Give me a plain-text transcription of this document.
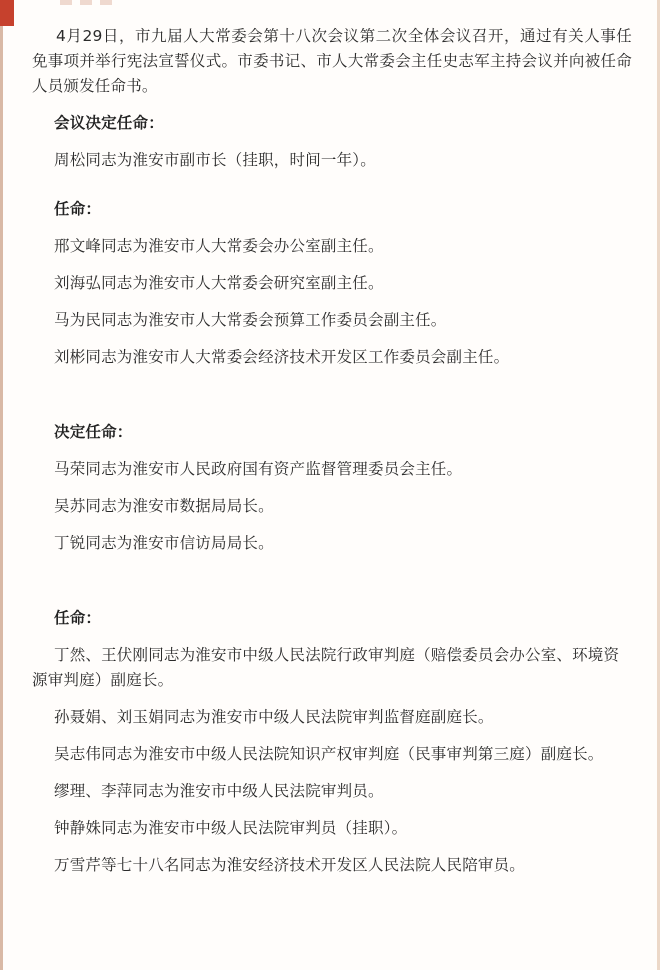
4月29日，市九届人大常委会第十八次会议第二次全体会议召开，通过有关人事任免事项并举行宪法宣誓仪式。市委书记、市人大常委会主任史志军主持会议并向被任命人员颁发任命书。

会议决定任命：

周松同志为淮安市副市长（挂职，时间一年）。

任命：

邢文峰同志为淮安市人大常委会办公室副主任。

刘海弘同志为淮安市人大常委会研究室副主任。

马为民同志为淮安市人大常委会预算工作委员会副主任。

刘彬同志为淮安市人大常委会经济技术开发区工作委员会副主任。

决定任命：

马荣同志为淮安市人民政府国有资产监督管理委员会主任。

吴苏同志为淮安市数据局局长。

丁锐同志为淮安市信访局局长。

任命：

丁然、王伏刚同志为淮安市中级人民法院行政审判庭（赔偿委员会办公室、环境资源审判庭）副庭长。

孙聂娟、刘玉娟同志为淮安市中级人民法院审判监督庭副庭长。

吴志伟同志为淮安市中级人民法院知识产权审判庭（民事审判第三庭）副庭长。

缪理、李萍同志为淮安市中级人民法院审判员。

钟静姝同志为淮安市中级人民法院审判员（挂职）。

万雪芹等七十八名同志为淮安经济技术开发区人民法院人民陪审员。
